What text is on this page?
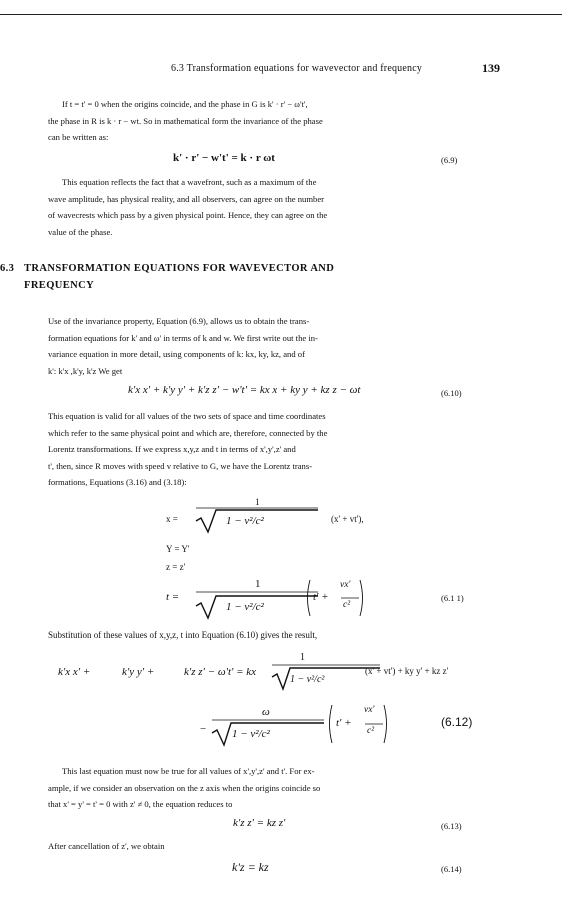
6.3 Transformation equations for wavevector and frequency	139
If t = t' = 0 when the origins coincide, and the phase in G is k' · r' − ω't',
the phase in R is k · r − wt. So in mathematical form the invariance of the phase
can be written as:
k' · r' − w't' = k · r ωt	(6.9)
This equation reflects the fact that a wavefront, such as a maximum of the
wave amplitude, has physical reality, and all observers, can agree on the number
of wavecrests which pass by a given physical point. Hence, they can agree on the
value of the phase.
6.3 TRANSFORMATION EQUATIONS FOR WAVEVECTOR AND
FREQUENCY
Use of the invariance property, Equation (6.9), allows us to obtain the trans-
formation equations for k' and ω' in terms of k and w. We first write out the in-
variance equation in more detail, using components of k: kx, ky, kz, and of
k': k'x ,k'y, k'z We get
k'x x' + k'y y' + k'z z' − w't' = kx x + ky y + kz z − ωt	(6.10)
This equation is valid for all values of the two sets of space and time coordinates
which refer to the same physical point and which are, therefore, connected by the
Lorentz transformations. If we express x,y,z and t in terms of x',y',z' and
t', then, since R moves with speed v relative to G, we have the Lorentz trans-
formations, Equations (3.16) and (3.18):
x =
1
1 − v²/c²	(x' + vt'),
Y = Y'
z = z'
t =
1
1 − v²/c²
t' +
vx'
c²
(6.1 1)
Substitution of these values of x,y,z, t into Equation (6.10) gives the result,
k'x x' +	k'y y' +	k'z z' − ω't' = kx
1
1 − v²/c²
(x' + vt') + ky y' + kz z'
−
ω
1 − v²/c²
t' +
vx'
c²
(6.12)
This last equation must now be true for all values of x',y',z' and t'. For ex-
ample, if we consider an observation on the z axis when the origins coincide so
that x' = y' = t' = 0 with z' ≠ 0, the equation reduces to
k'z z' = kz z'	(6.13)
After cancellation of z', we obtain
k'z = kz	(6.14)
